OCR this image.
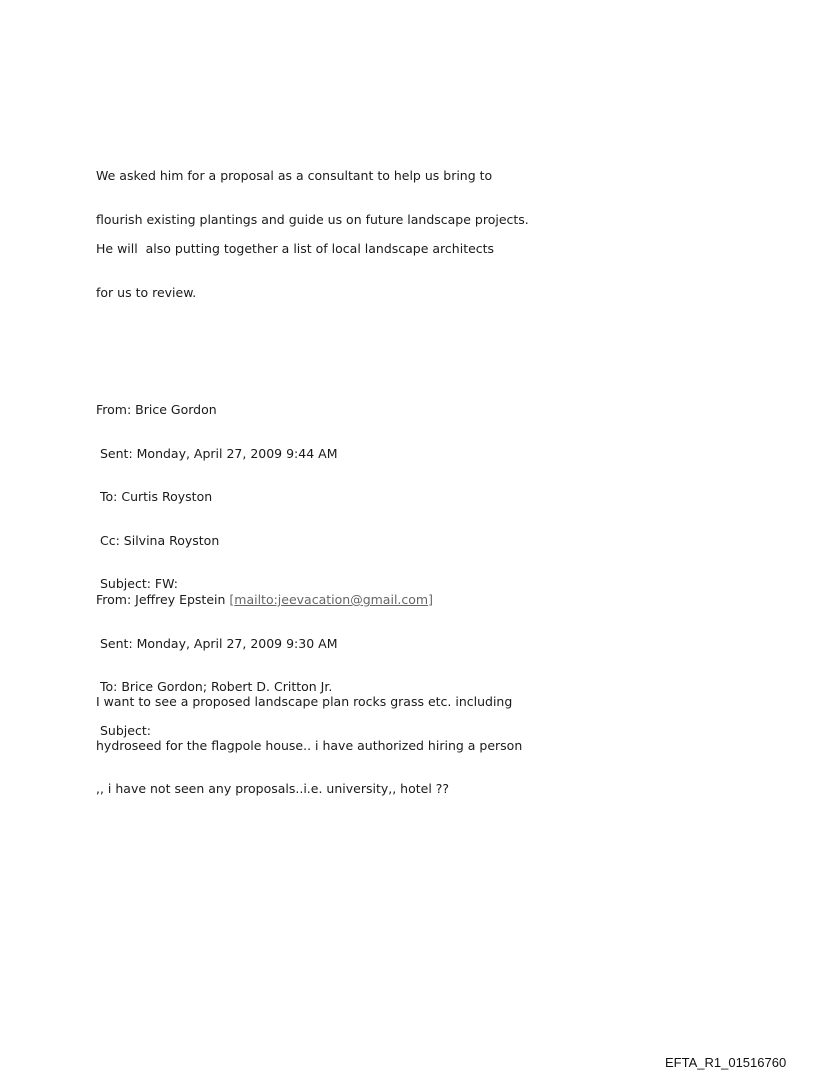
We asked him for a proposal as a consultant to help us bring to

flourish existing plantings and guide us on future landscape projects.

He will  also putting together a list of local landscape architects

for us to review.

From: Brice Gordon

Sent: Monday, April 27, 2009 9:44 AM

To: Curtis Royston

Cc: Silvina Royston

Subject: FW:

From: Jeffrey Epstein [mailto:jeevacation@gmail.com]

Sent: Monday, April 27, 2009 9:30 AM

To: Brice Gordon; Robert D. Critton Jr.

Subject:

I want to see a proposed landscape plan rocks grass etc. including

hydroseed for the flagpole house.. i have authorized hiring a person

,, i have not seen any proposals..i.e. university,, hotel ??

EFTA_R1_01516760
